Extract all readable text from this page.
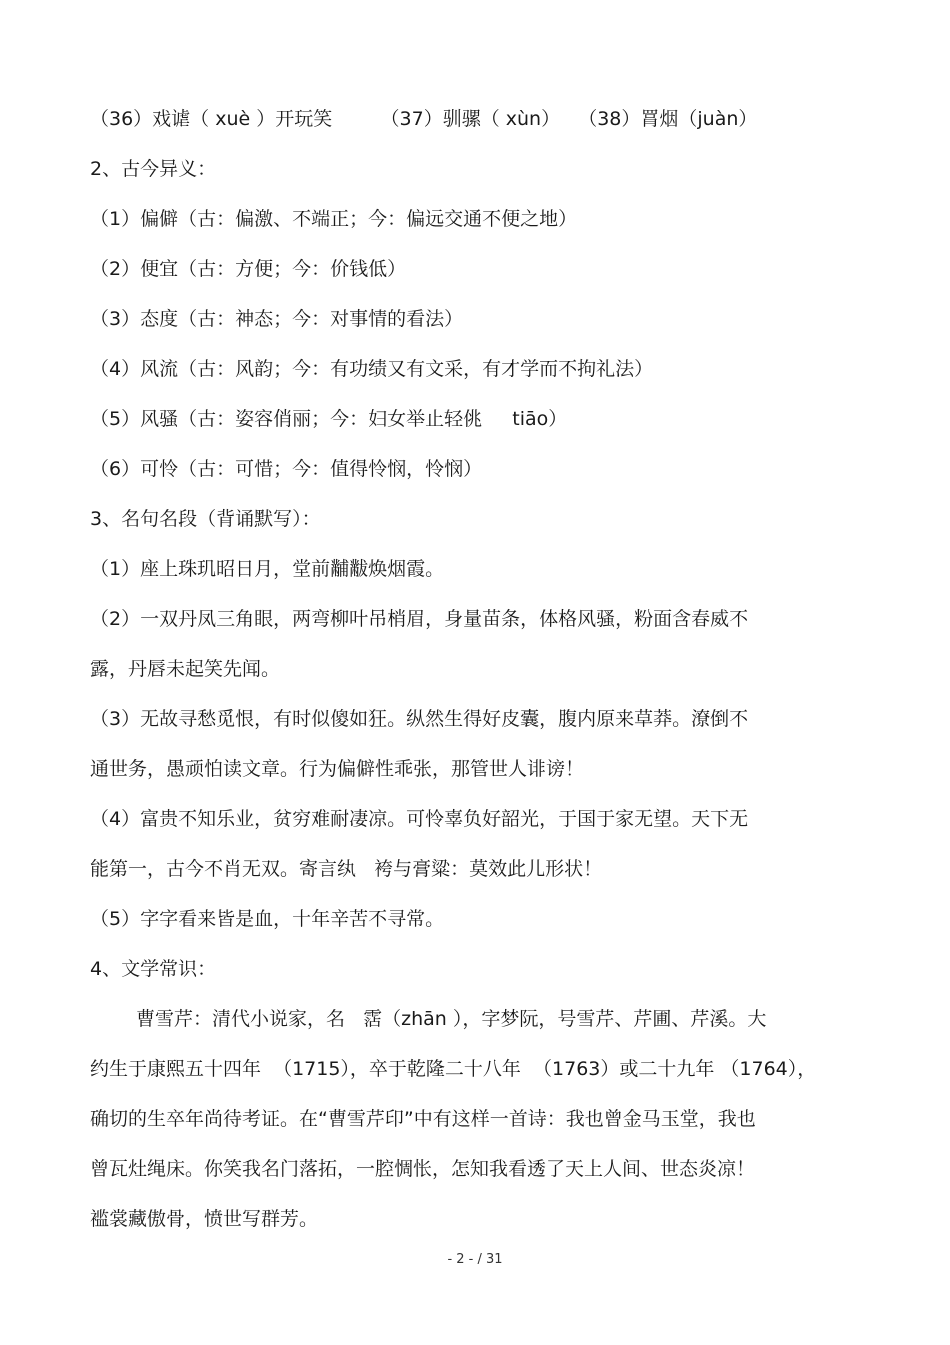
（36）戏谑（ xuè ）开玩笑        （37）驯骡（ xùn）   （38）罥烟（juàn）
2、古今异义：
（1）偏僻（古：偏激、不端正；今：偏远交通不便之地）
（2）便宜（古：方便；今：价钱低）
（3）态度（古：神态；今：对事情的看法）
（4）风流（古：风韵；今：有功绩又有文采，有才学而不拘礼法）
（5）风骚（古：姿容俏丽；今：妇女举止轻佻     tiāo）
（6）可怜（古：可惜；今：值得怜悯，怜悯）
3、名句名段（背诵默写）：
（1）座上珠玑昭日月，堂前黼黻焕烟霞。
（2）一双丹凤三角眼，两弯柳叶吊梢眉，身量苗条，体格风骚，粉面含春威不
露，丹唇未起笑先闻。
（3）无故寻愁觅恨，有时似傻如狂。纵然生得好皮囊，腹内原来草莽。潦倒不
通世务，愚顽怕读文章。行为偏僻性乖张，那管世人诽谤！
（4）富贵不知乐业，贫穷难耐凄凉。可怜辜负好韶光，于国于家无望。天下无
能第一，古今不肖无双。寄言纨   袴与膏粱：莫效此儿形状！
（5）字字看来皆是血，十年辛苦不寻常。
4、文学常识：
曹雪芹：清代小说家，名   霑（zhān ），字梦阮，号雪芹、芹圃、芹溪。大
约生于康熙五十四年  （1715），卒于乾隆二十八年  （1763）或二十九年 （1764），
确切的生卒年尚待考证。在“曹雪芹印”中有这样一首诗：我也曾金马玉堂，我也
曾瓦灶绳床。你笑我名门落拓，一腔惆怅，怎知我看透了天上人间、世态炎凉！
褴裳藏傲骨，愤世写群芳。
- 2 - / 31
